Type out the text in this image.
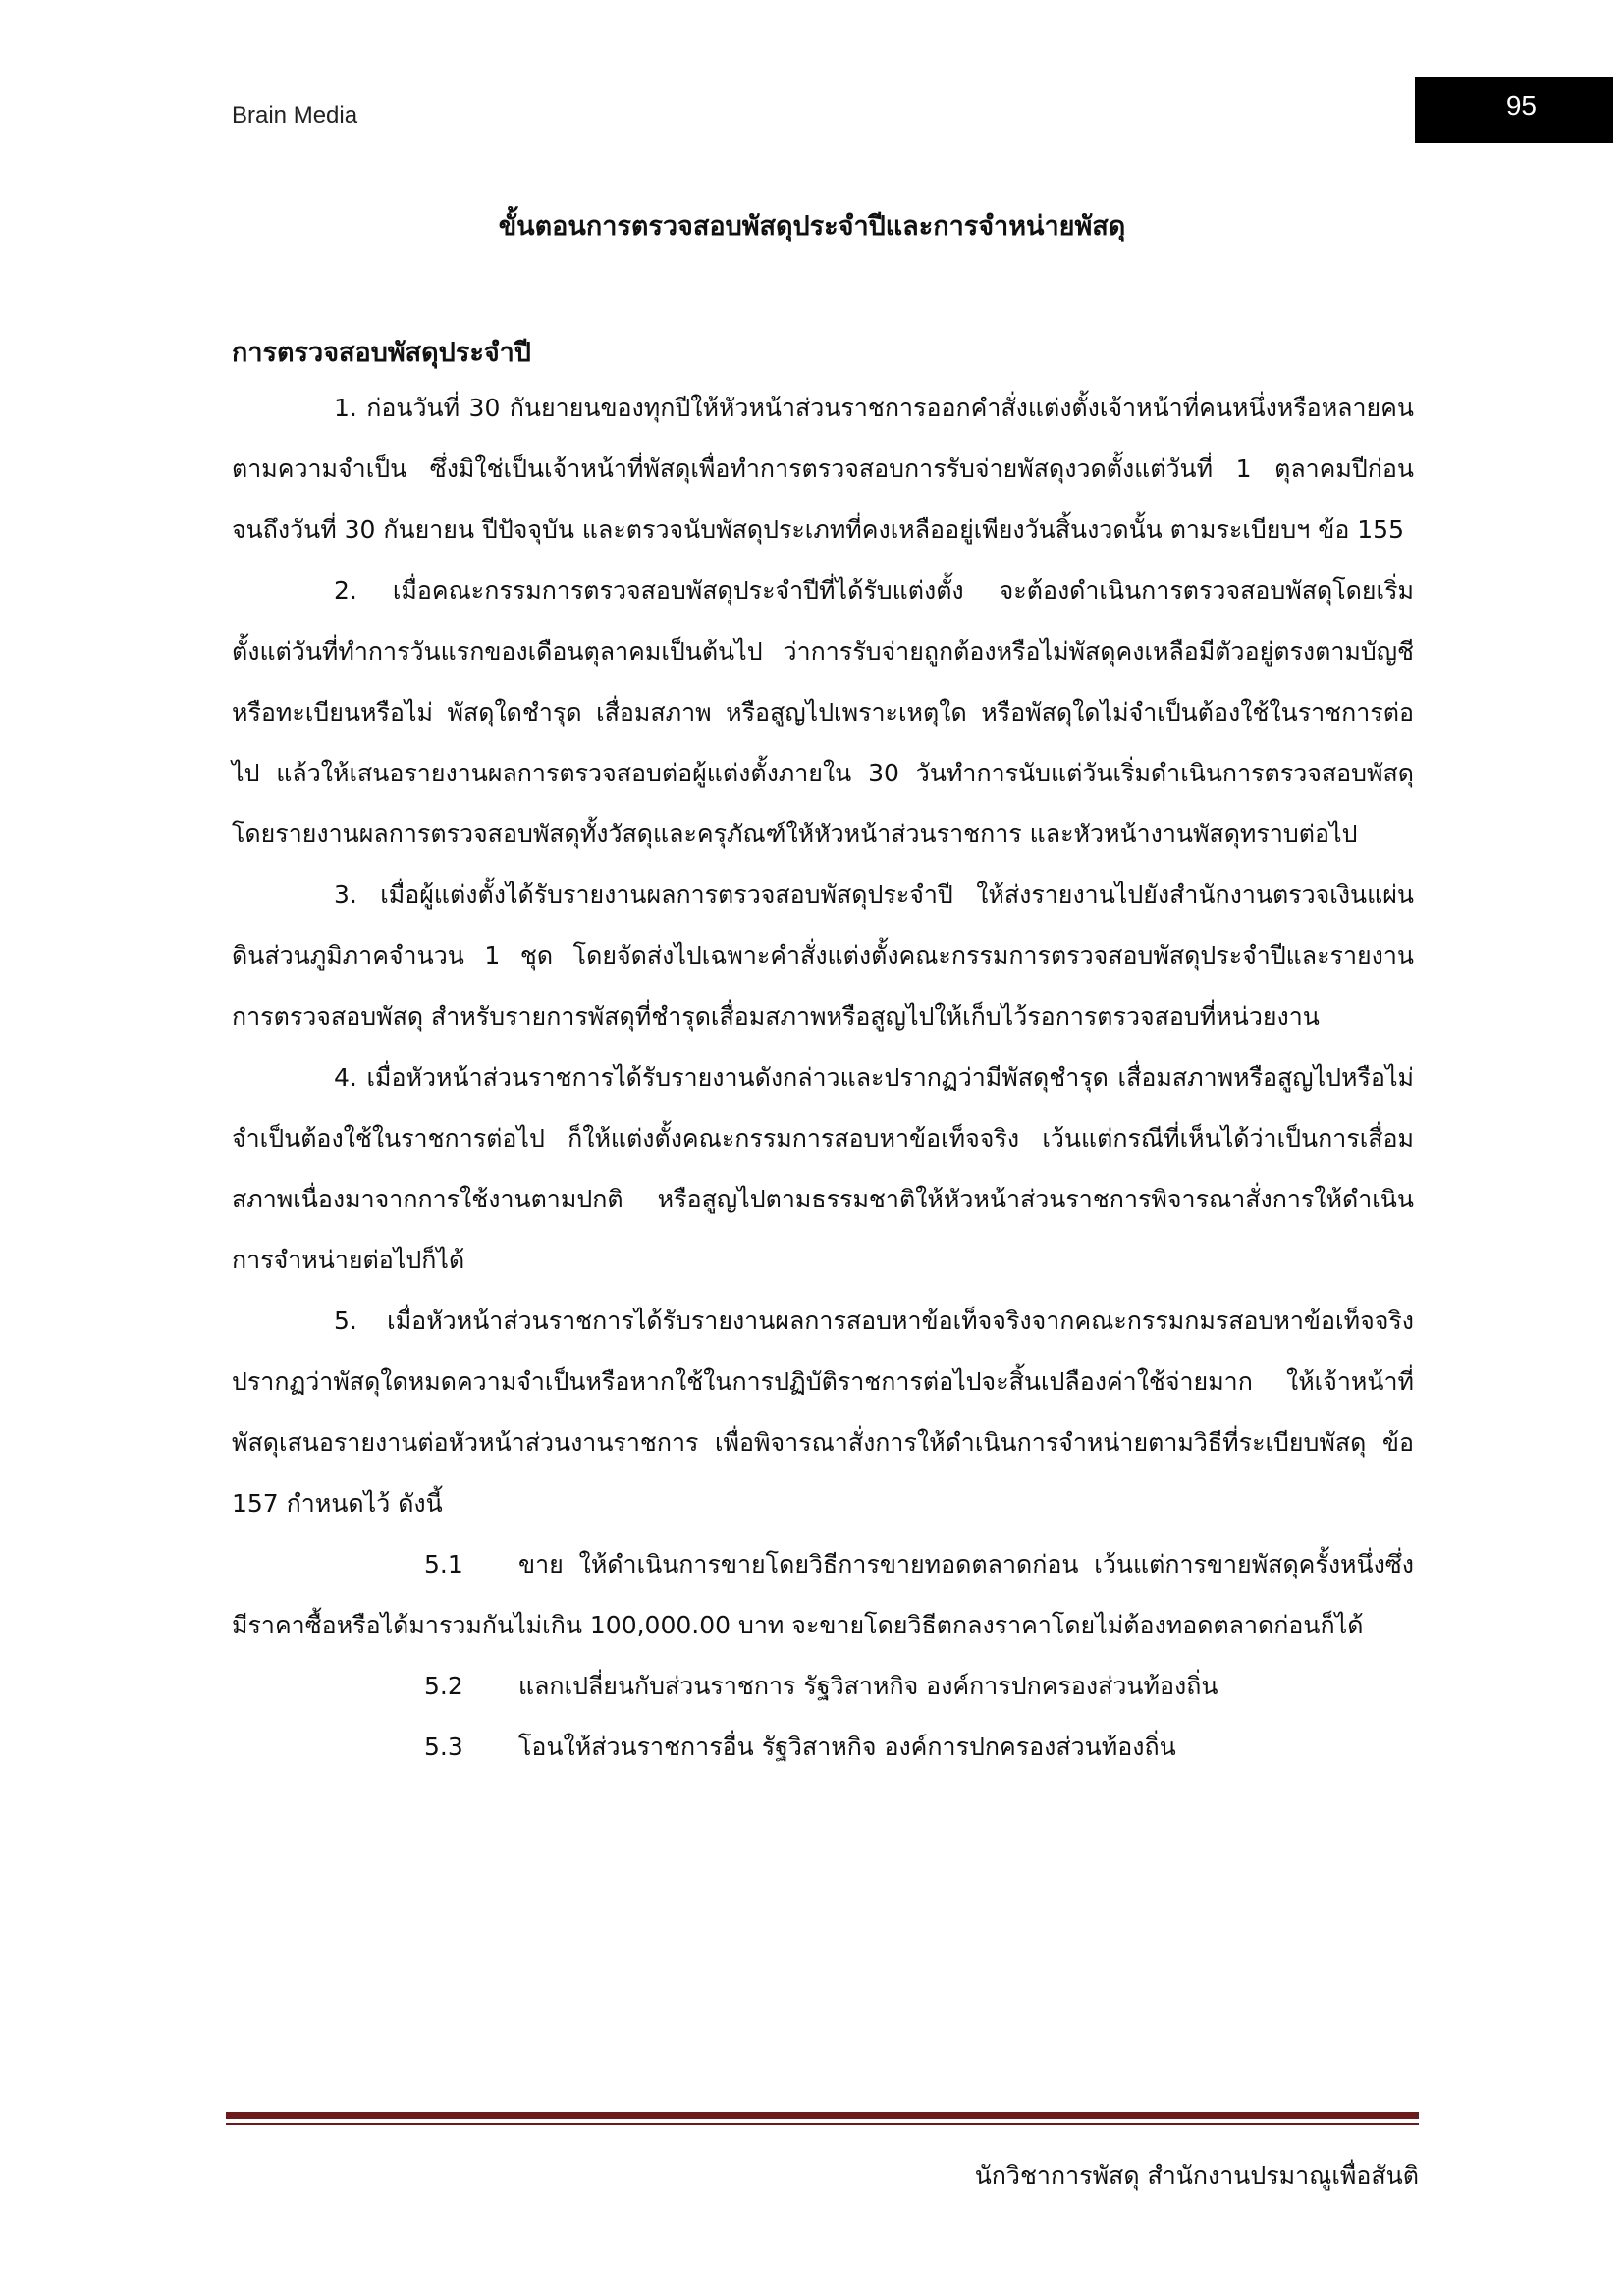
Brain Media	95
ขั้นตอนการตรวจสอบพัสดุประจำปีและการจำหน่ายพัสดุ
การตรวจสอบพัสดุประจำปี

1. ก่อนวันที่ 30 กันยายนของทุกปีให้หัวหน้าส่วนราชการออกคำสั่งแต่งตั้งเจ้าหน้าที่คนหนึ่งหรือหลายคนตามความจำเป็น ซึ่งมิใช่เป็นเจ้าหน้าที่พัสดุเพื่อทำการตรวจสอบการรับจ่ายพัสดุงวดตั้งแต่วันที่ 1 ตุลาคมปีก่อน จนถึงวันที่ 30 กันยายน ปีปัจจุบัน และตรวจนับพัสดุประเภทที่คงเหลืออยู่เพียงวันสิ้นงวดนั้น ตามระเบียบฯ ข้อ 155

2. เมื่อคณะกรรมการตรวจสอบพัสดุประจำปีที่ได้รับแต่งตั้ง จะต้องดำเนินการตรวจสอบพัสดุโดยเริ่มตั้งแต่วันที่ทำการวันแรกของเดือนตุลาคมเป็นต้นไป ว่าการรับจ่ายถูกต้องหรือไม่พัสดุคงเหลือมีตัวอยู่ตรงตามบัญชีหรือทะเบียนหรือไม่ พัสดุใดชำรุด เสื่อมสภาพ หรือสูญไปเพราะเหตุใด หรือพัสดุใดไม่จำเป็นต้องใช้ในราชการต่อไป แล้วให้เสนอรายงานผลการตรวจสอบต่อผู้แต่งตั้งภายใน 30 วันทำการนับแต่วันเริ่มดำเนินการตรวจสอบพัสดุ โดยรายงานผลการตรวจสอบพัสดุทั้งวัสดุและครุภัณฑ์ให้หัวหน้าส่วนราชการ และหัวหน้างานพัสดุทราบต่อไป

3. เมื่อผู้แต่งตั้งได้รับรายงานผลการตรวจสอบพัสดุประจำปี ให้ส่งรายงานไปยังสำนักงานตรวจเงินแผ่นดินส่วนภูมิภาคจำนวน 1 ชุด โดยจัดส่งไปเฉพาะคำสั่งแต่งตั้งคณะกรรมการตรวจสอบพัสดุประจำปีและรายงานการตรวจสอบพัสดุ สำหรับรายการพัสดุที่ชำรุดเสื่อมสภาพหรือสูญไปให้เก็บไว้รอการตรวจสอบที่หน่วยงาน

4. เมื่อหัวหน้าส่วนราชการได้รับรายงานดังกล่าวและปรากฏว่ามีพัสดุชำรุด เสื่อมสภาพหรือสูญไปหรือไม่จำเป็นต้องใช้ในราชการต่อไป ก็ให้แต่งตั้งคณะกรรมการสอบหาข้อเท็จจริง เว้นแต่กรณีที่เห็นได้ว่าเป็นการเสื่อมสภาพเนื่องมาจากการใช้งานตามปกติ หรือสูญไปตามธรรมชาติให้หัวหน้าส่วนราชการพิจารณาสั่งการให้ดำเนินการจำหน่ายต่อไปก็ได้

5. เมื่อหัวหน้าส่วนราชการได้รับรายงานผลการสอบหาข้อเท็จจริงจากคณะกรรมกมรสอบหาข้อเท็จจริง ปรากฏว่าพัสดุใดหมดความจำเป็นหรือหากใช้ในการปฏิบัติราชการต่อไปจะสิ้นเปลืองค่าใช้จ่ายมาก ให้เจ้าหน้าที่พัสดุเสนอรายงานต่อหัวหน้าส่วนงานราชการ เพื่อพิจารณาสั่งการให้ดำเนินการจำหน่ายตามวิธีที่ระเบียบพัสดุ ข้อ 157 กำหนดไว้ ดังนี้

5.1 ขาย ให้ดำเนินการขายโดยวิธีการขายทอดตลาดก่อน เว้นแต่การขายพัสดุครั้งหนึ่งซึ่งมีราคาซื้อหรือได้มารวมกันไม่เกิน 100,000.00 บาท จะขายโดยวิธีตกลงราคาโดยไม่ต้องทอดตลาดก่อนก็ได้

5.2 แลกเปลี่ยนกับส่วนราชการ รัฐวิสาหกิจ องค์การปกครองส่วนท้องถิ่น

5.3 โอนให้ส่วนราชการอื่น รัฐวิสาหกิจ องค์การปกครองส่วนท้องถิ่น

นักวิชาการพัสดุ สำนักงานปรมาณูเพื่อสันติ
